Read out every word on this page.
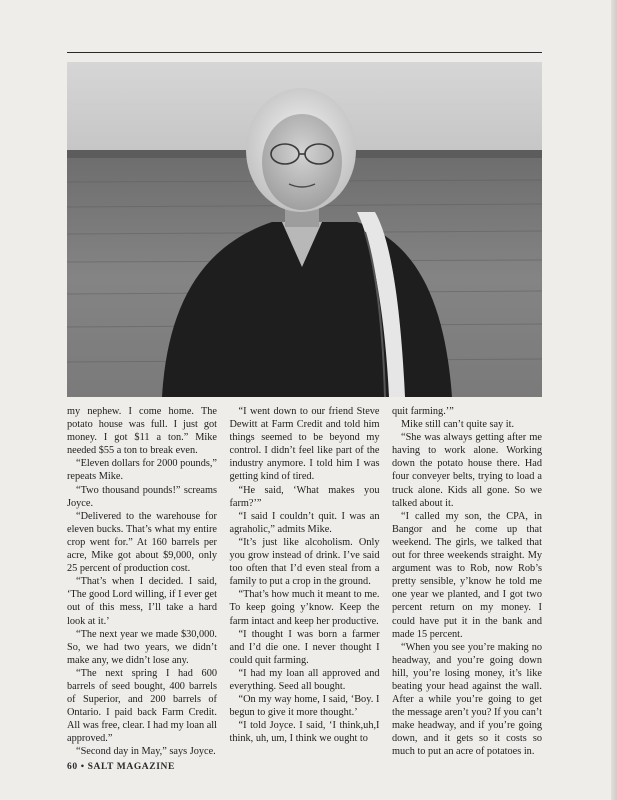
my nephew. I come home. The potato house was full. I just got money. I got $11 a ton.” Mike needed $55 a ton to break even.

“Eleven dollars for 2000 pounds,” repeats Mike.

“Two thousand pounds!” screams Joyce.

“Delivered to the warehouse for eleven bucks. That’s what my entire crop went for.” At 160 barrels per acre, Mike got about $9,000, only 25 percent of production cost.

“That’s when I decided. I said, ‘The good Lord willing, if I ever get out of this mess, I’ll take a hard look at it.’

“The next year we made $30,000. So, we had two years, we didn’t make any, we didn’t lose any.

“The next spring I had 600 barrels of seed bought, 400 barrels of Superior, and 200 barrels of Ontario. I paid back Farm Credit. All was free, clear. I had my loan all approved.”

“Second day in May,” says Joyce.

“I went down to our friend Steve Dewitt at Farm Credit and told him things seemed to be beyond my control. I didn’t feel like part of the industry anymore. I told him I was getting kind of tired.

“He said, ‘What makes you farm?’”

“I said I couldn’t quit. I was an agraholic,” admits Mike.

“It’s just like alcoholism. Only you grow instead of drink. I’ve said too often that I’d even steal from a family to put a crop in the ground.

“That’s how much it meant to me. To keep going y’know. Keep the farm intact and keep her productive.

“I thought I was born a farmer and I’d die one. I never thought I could quit farming.

“I had my loan all approved and everything. Seed all bought.

“On my way home, I said, ‘Boy. I begun to give it more thought.’

“I told Joyce. I said, ‘I think,uh,I think, uh, um, I think we ought to

quit farming.’”

Mike still can’t quite say it.

“She was always getting after me having to work alone. Working down the potato house there. Had four conveyer belts, trying to load a truck alone. Kids all gone. So we talked about it.

“I called my son, the CPA, in Bangor and he come up that weekend. The girls, we talked that out for three weekends straight. My argument was to Rob, now Rob’s pretty sensible, y’know he told me one year we planted, and I got two percent return on my money. I could have put it in the bank and made 15 percent.

“When you see you’re making no headway, and you’re going down hill, you’re losing money, it’s like beating your head against the wall. After a while you’re going to get the message aren’t you? If you can’t make headway, and if you’re going down, and it gets so it costs so much to put an acre of potatoes in.

60 • SALT MAGAZINE
